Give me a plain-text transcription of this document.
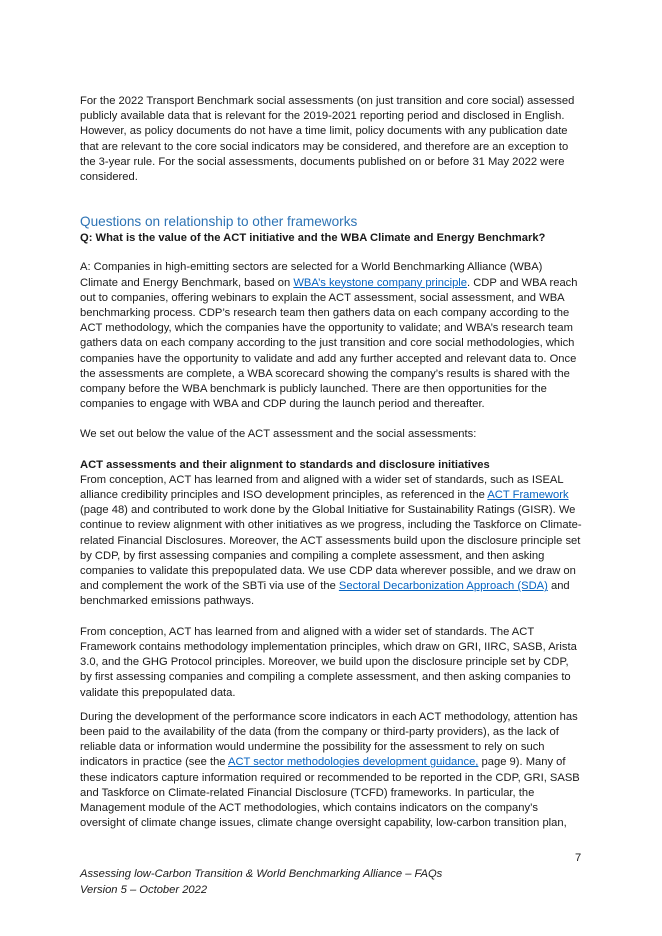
For the 2022 Transport Benchmark social assessments (on just transition and core social) assessed publicly available data that is relevant for the 2019-2021 reporting period and disclosed in English. However, as policy documents do not have a time limit, policy documents with any publication date that are relevant to the core social indicators may be considered, and therefore are an exception to the 3-year rule. For the social assessments, documents published on or before 31 May 2022 were considered.

Questions on relationship to other frameworks

Q: What is the value of the ACT initiative and the WBA Climate and Energy Benchmark?

A: Companies in high-emitting sectors are selected for a World Benchmarking Alliance (WBA) Climate and Energy Benchmark, based on WBA’s keystone company principle. CDP and WBA reach out to companies, offering webinars to explain the ACT assessment, social assessment, and WBA benchmarking process. CDP’s research team then gathers data on each company according to the ACT methodology, which the companies have the opportunity to validate; and WBA’s research team gathers data on each company according to the just transition and core social methodologies, which companies have the opportunity to validate and add any further accepted and relevant data to. Once the assessments are complete, a WBA scorecard showing the company’s results is shared with the company before the WBA benchmark is publicly launched. There are then opportunities for the companies to engage with WBA and CDP during the launch period and thereafter.

We set out below the value of the ACT assessment and the social assessments:

ACT assessments and their alignment to standards and disclosure initiatives

From conception, ACT has learned from and aligned with a wider set of standards, such as ISEAL alliance credibility principles and ISO development principles, as referenced in the ACT Framework (page 48) and contributed to work done by the Global Initiative for Sustainability Ratings (GISR). We continue to review alignment with other initiatives as we progress, including the Taskforce on Climate-related Financial Disclosures. Moreover, the ACT assessments build upon the disclosure principle set by CDP, by first assessing companies and compiling a complete assessment, and then asking companies to validate this prepopulated data. We use CDP data wherever possible, and we draw on and complement the work of the SBTi via use of the Sectoral Decarbonization Approach (SDA) and benchmarked emissions pathways.

From conception, ACT has learned from and aligned with a wider set of standards. The ACT Framework contains methodology implementation principles, which draw on GRI, IIRC, SASB, Arista 3.0, and the GHG Protocol principles. Moreover, we build upon the disclosure principle set by CDP, by first assessing companies and compiling a complete assessment, and then asking companies to validate this prepopulated data.

During the development of the performance score indicators in each ACT methodology, attention has been paid to the availability of the data (from the company or third-party providers), as the lack of reliable data or information would undermine the possibility for the assessment to rely on such indicators in practice (see the ACT sector methodologies development guidance, page 9). Many of these indicators capture information required or recommended to be reported in the CDP, GRI, SASB and Taskforce on Climate-related Financial Disclosure (TCFD) frameworks. In particular, the Management module of the ACT methodologies, which contains indicators on the company’s oversight of climate change issues, climate change oversight capability, low-carbon transition plan,

7
Assessing low-Carbon Transition & World Benchmarking Alliance – FAQs
Version 5 – October 2022
